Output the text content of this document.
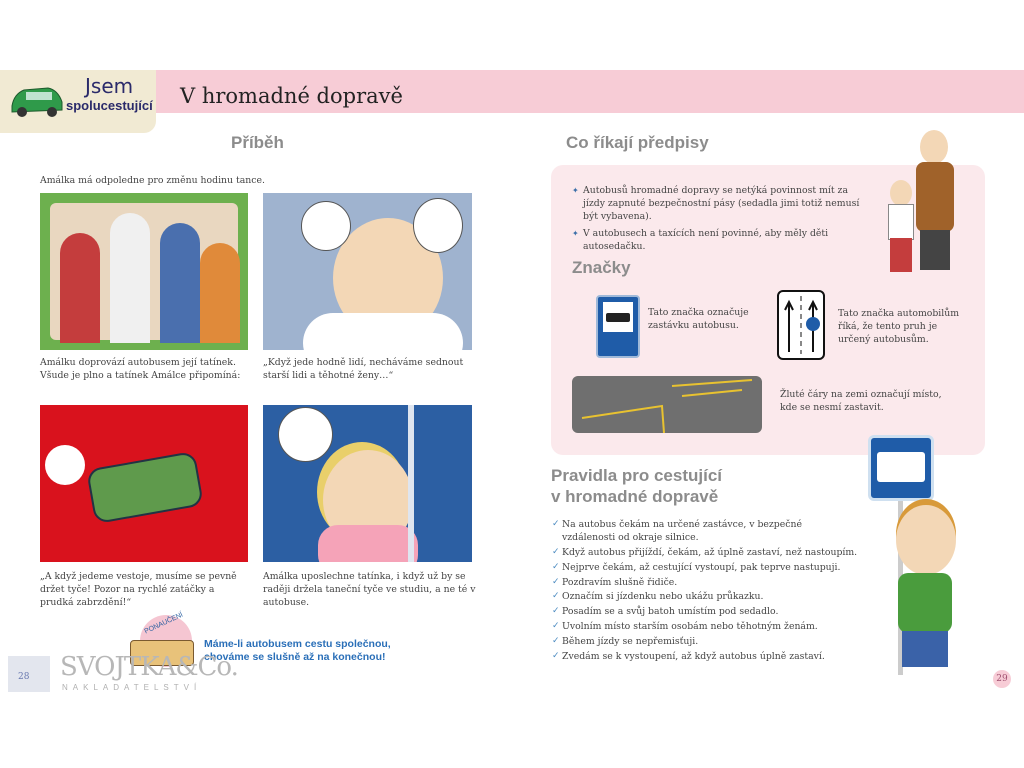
Jsem
spolucestující V hromadné dopravě
Příběh
Amálka má odpoledne pro změnu hodinu tance.
Amálku doprovází autobusem její tatínek. Všude je plno a tatínek Amálce připomíná:
„Když jede hodně lidí, necháváme sednout starší lidi a těhotné ženy…“
„A když jedeme vestoje, musíme se pevně držet tyče! Pozor na rychlé zatáčky a prudká zabrzdění!“
Amálka uposlechne tatínka, i když už by se raději držela taneční tyče ve studiu, a ne té v autobuse.
PONAUČENÍ
Máme-li autobusem cestu společnou, chováme se slušně až na konečnou!
28 SVOJTKA&Co.
NAKLADATELSTVÍ
Co říkají předpisy
✦ Autobusů hromadné dopravy se netýká povinnost mít za jízdy zapnuté bezpečnostní pásy (sedadla jimi totiž nemusí být vybavena).
✦ V autobusech a taxících není povinné, aby měly děti autosedačku.
Značky
Tato značka označuje zastávku autobusu.
Tato značka automobilům říká, že tento pruh je určený autobusům.
Žluté čáry na zemi označují místo, kde se nesmí zastavit.
Pravidla pro cestující
v hromadné dopravě
✓ Na autobus čekám na určené zastávce, v bezpečné vzdálenosti od okraje silnice.
✓ Když autobus přijíždí, čekám, až úplně zastaví, než nastoupím.
✓ Nejprve čekám, až cestující vystoupí, pak teprve nastupuji.
✓ Pozdravím slušně řidiče.
✓ Označím si jízdenku nebo ukážu průkazku.
✓ Posadím se a svůj batoh umístím pod sedadlo.
✓ Uvolním místo starším osobám nebo těhotným ženám.
✓ Během jízdy se nepřemisťuji.
✓ Zvedám se k vystoupení, až když autobus úplně zastaví.
29
